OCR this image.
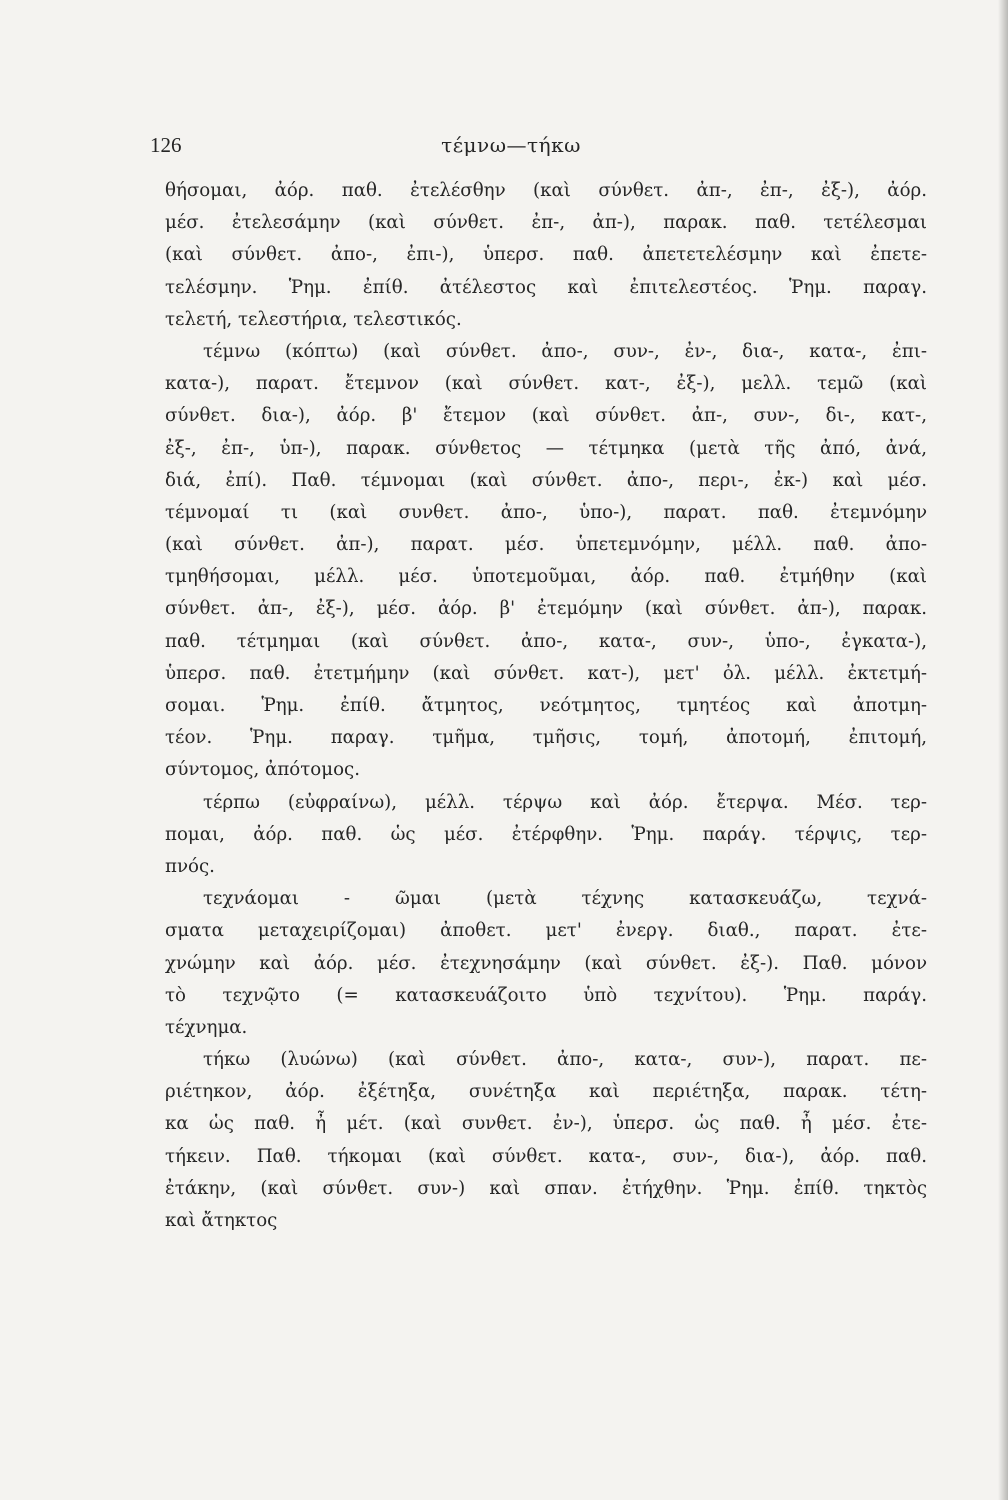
126	τέμνω—τήκω
θήσομαι, ἀόρ. παθ. ἐτελέσθην (καὶ σύνθετ. ἀπ-, ἐπ-, ἐξ-), ἀόρ.
μέσ. ἐτελεσάμην (καὶ σύνθετ. ἐπ-, ἀπ-), παρακ. παθ. τετέλεσμαι
(καὶ σύνθετ. ἀπο-, ἐπι-), ὑπερσ. παθ. ἀπετετελέσμην καὶ ἐπετε-
τελέσμην. Ῥημ. ἐπίθ. ἀτέλεστος καὶ ἐπιτελεστέος. Ῥημ. παραγ.
τελετή, τελεστήρια, τελεστικός.
τέμνω (κόπτω) (καὶ σύνθετ. ἀπο-, συν-, ἐν-, δια-, κατα-, ἐπι-
κατα-), παρατ. ἔτεμνον (καὶ σύνθετ. κατ-, ἐξ-), μελλ. τεμῶ (καὶ
σύνθετ. δια-), ἀόρ. β' ἔτεμον (καὶ σύνθετ. ἀπ-, συν-, δι-, κατ-,
ἐξ-, ἐπ-, ὑπ-), παρακ. σύνθετος — τέτμηκα (μετὰ τῆς ἀπό, ἀνά,
διά, ἐπί). Παθ. τέμνομαι (καὶ σύνθετ. ἀπο-, περι-, ἐκ-) καὶ μέσ.
τέμνομαί τι (καὶ συνθετ. ἀπο-, ὑπο-), παρατ. παθ. ἐτεμνόμην
(καὶ σύνθετ. ἀπ-), παρατ. μέσ. ὑπετεμνόμην, μέλλ. παθ. ἀπο-
τμηθήσομαι, μέλλ. μέσ. ὑποτεμοῦμαι, ἀόρ. παθ. ἐτμήθην (καὶ
σύνθετ. ἀπ-, ἐξ-), μέσ. ἀόρ. β' ἐτεμόμην (καὶ σύνθετ. ἀπ-), παρακ.
παθ. τέτμημαι (καὶ σύνθετ. ἀπο-, κατα-, συν-, ὑπο-, ἐγκατα-),
ὑπερσ. παθ. ἐτετμήμην (καὶ σύνθετ. κατ-), μετ' ὀλ. μέλλ. ἐκτετμή-
σομαι. Ῥημ. ἐπίθ. ἄτμητος, νεότμητος, τμητέος καὶ ἀποτμη-
τέον. Ῥημ. παραγ. τμῆμα, τμῆσις, τομή, ἀποτομή, ἐπιτομή,
σύντομος, ἀπότομος.
τέρπω (εὐφραίνω), μέλλ. τέρψω καὶ ἀόρ. ἔτερψα. Μέσ. τερ-
πομαι, ἀόρ. παθ. ὡς μέσ. ἐτέρφθην. Ῥημ. παράγ. τέρψις, τερ-
πνός.
τεχνάομαι - ῶμαι (μετὰ τέχνης κατασκευάζω, τεχνά-
σματα μεταχειρίζομαι) ἀποθετ. μετ' ἐνεργ. διαθ., παρατ. ἐτε-
χνώμην καὶ ἀόρ. μέσ. ἐτεχνησάμην (καὶ σύνθετ. ἐξ-). Παθ. μόνον
τὸ τεχνῷτο (= κατασκευάζοιτο ὑπὸ τεχνίτου). Ῥημ. παράγ.
τέχνημα.
τήκω (λυώνω) (καὶ σύνθετ. ἀπο-, κατα-, συν-), παρατ. πε-
ριέτηκον, ἀόρ. ἐξέτηξα, συνέτηξα καὶ περιέτηξα, παρακ. τέτη-
κα ὡς παθ. ἦ μέτ. (καὶ συνθετ. ἐν-), ὑπερσ. ὡς παθ. ἦ μέσ. ἐτε-
τήκειν. Παθ. τήκομαι (καὶ σύνθετ. κατα-, συν-, δια-), ἀόρ. παθ.
ἐτάκην, (καὶ σύνθετ. συν-) καὶ σπαν. ἐτήχθην. Ῥημ. ἐπίθ. τηκτὸς
καὶ ἄτηκτος
